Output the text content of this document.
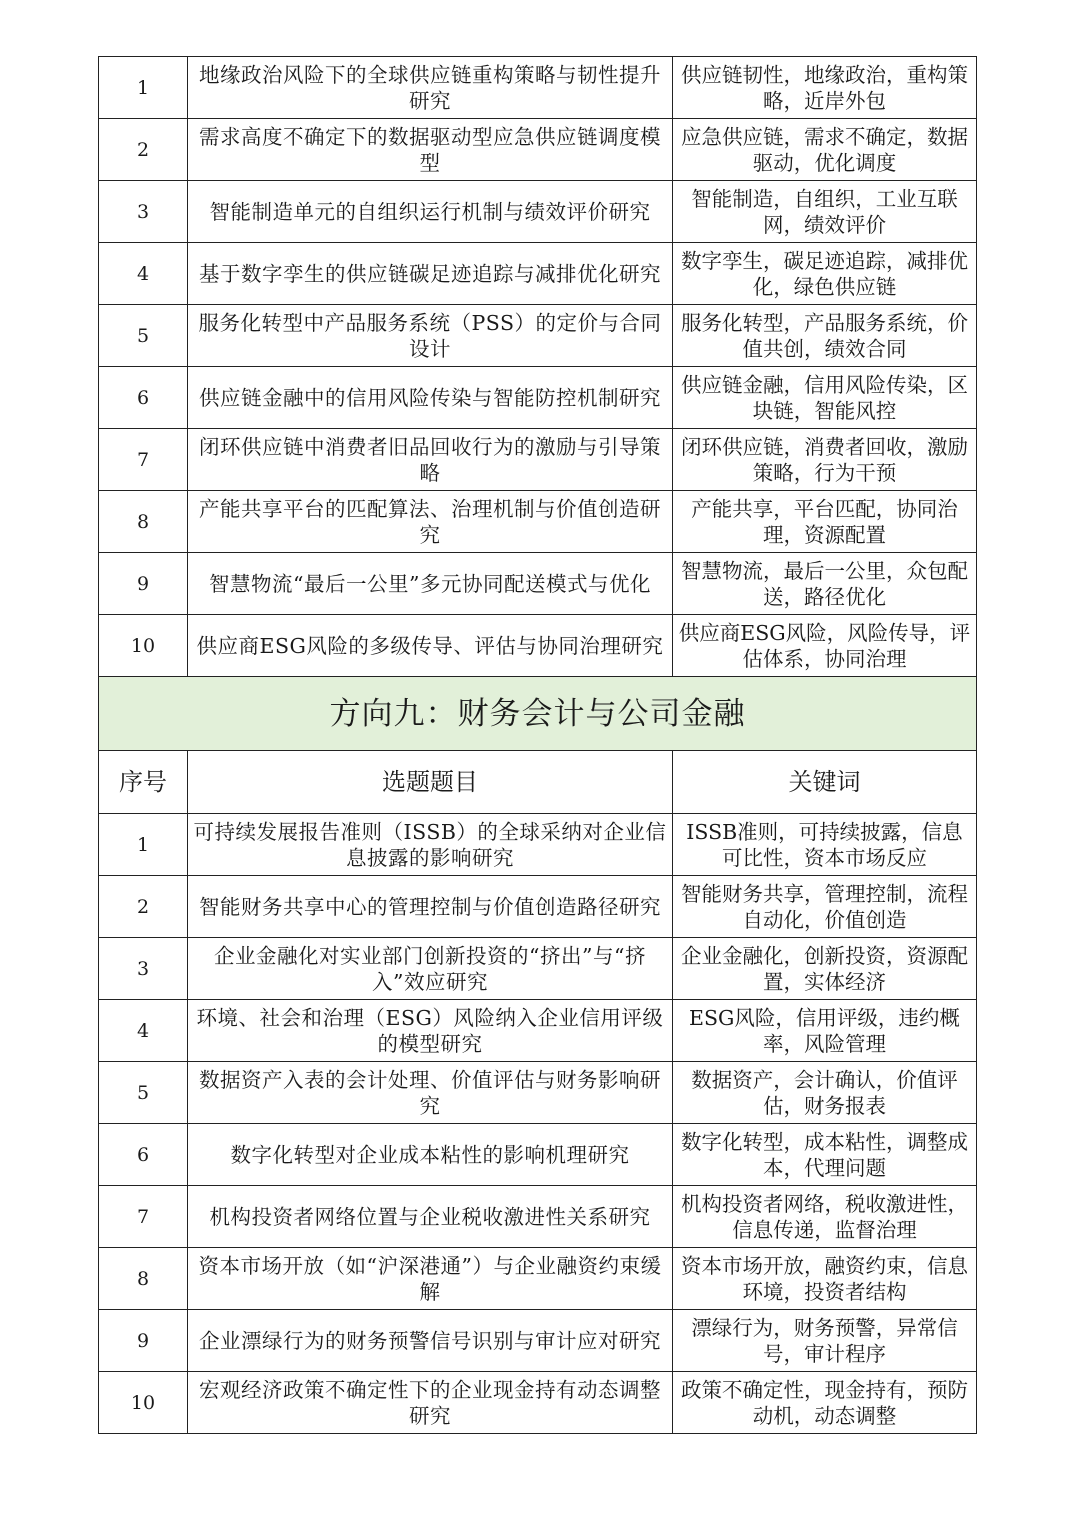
1	地缘政治风险下的全球供应链重构策略与韧性提升研究	供应链韧性，地缘政治，重构策略，近岸外包
2	需求高度不确定下的数据驱动型应急供应链调度模型	应急供应链，需求不确定，数据驱动，优化调度
3	智能制造单元的自组织运行机制与绩效评价研究	智能制造，自组织，工业互联网，绩效评价
4	基于数字孪生的供应链碳足迹追踪与减排优化研究	数字孪生，碳足迹追踪，减排优化，绿色供应链
5	服务化转型中产品服务系统（PSS）的定价与合同设计	服务化转型，产品服务系统，价值共创，绩效合同
6	供应链金融中的信用风险传染与智能防控机制研究	供应链金融，信用风险传染，区块链，智能风控
7	闭环供应链中消费者旧品回收行为的激励与引导策略	闭环供应链，消费者回收，激励策略，行为干预
8	产能共享平台的匹配算法、治理机制与价值创造研究	产能共享，平台匹配，协同治理，资源配置
9	智慧物流“最后一公里”多元协同配送模式与优化	智慧物流，最后一公里，众包配送，路径优化
10	供应商ESG风险的多级传导、评估与协同治理研究	供应商ESG风险，风险传导，评估体系，协同治理
方向九：财务会计与公司金融		
序号	选题题目	关键词
1	可持续发展报告准则（ISSB）的全球采纳对企业信息披露的影响研究	ISSB准则，可持续披露，信息可比性，资本市场反应
2	智能财务共享中心的管理控制与价值创造路径研究	智能财务共享，管理控制，流程自动化，价值创造
3	企业金融化对实业部门创新投资的“挤出”与“挤入”效应研究	企业金融化，创新投资，资源配置，实体经济
4	环境、社会和治理（ESG）风险纳入企业信用评级的模型研究	ESG风险，信用评级，违约概率，风险管理
5	数据资产入表的会计处理、价值评估与财务影响研究	数据资产，会计确认，价值评估，财务报表
6	数字化转型对企业成本粘性的影响机理研究	数字化转型，成本粘性，调整成本，代理问题
7	机构投资者网络位置与企业税收激进性关系研究	机构投资者网络，税收激进性，信息传递，监督治理
8	资本市场开放（如“沪深港通”）与企业融资约束缓解	资本市场开放，融资约束，信息环境，投资者结构
9	企业漂绿行为的财务预警信号识别与审计应对研究	漂绿行为，财务预警，异常信号，审计程序
10	宏观经济政策不确定性下的企业现金持有动态调整研究	政策不确定性，现金持有，预防动机，动态调整
